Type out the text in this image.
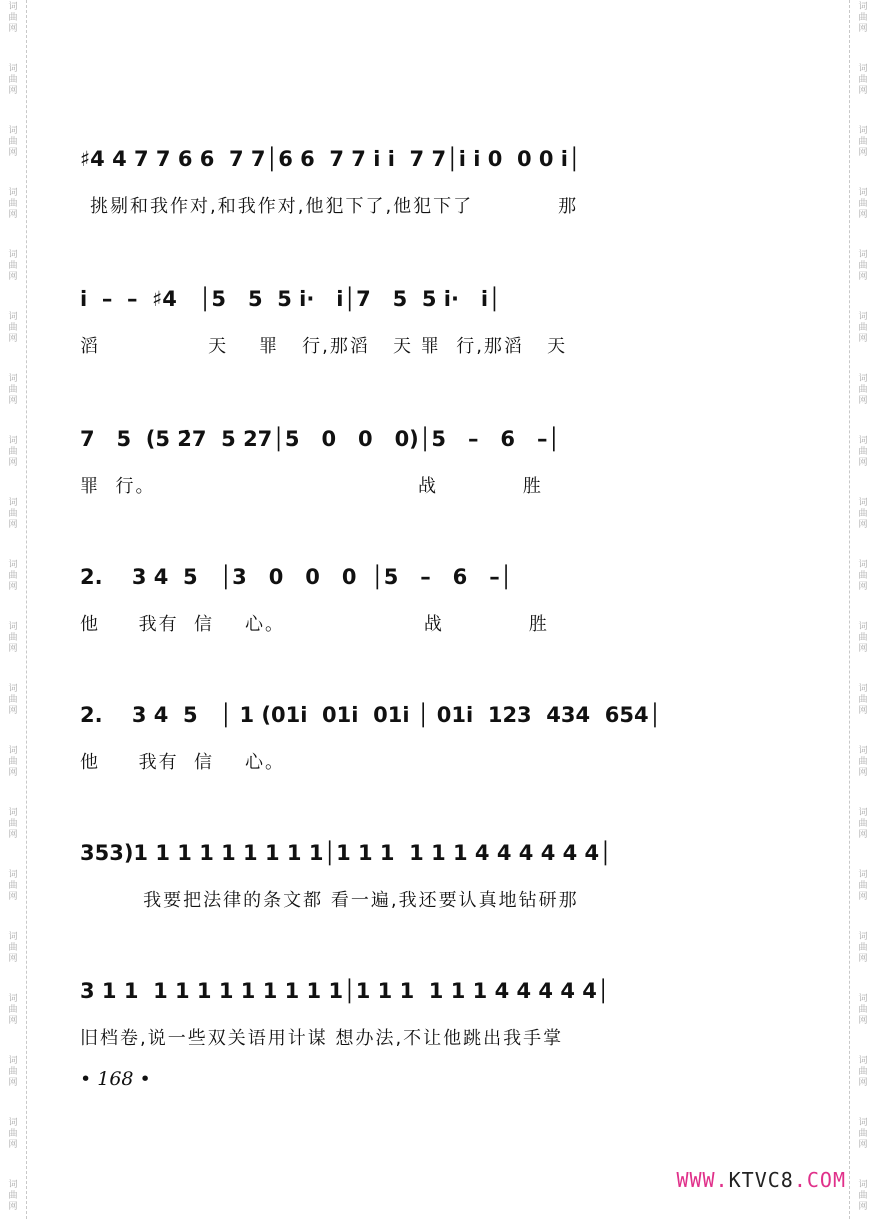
词
曲
网
词
曲
网
词
曲
网
词
曲
网
词
曲
网
词
曲
网
词
曲
网
词
曲
网
词
曲
网
词
曲
网
词
曲
网
词
曲
网
词
曲
网
词
曲
网
词
曲
网
词
曲
网
词
曲
网
词
曲
网
词
曲
网
词
曲
网
词
曲
网
词
曲
网
词
曲
网
词
曲
网
词
曲
网
词
曲
网
词
曲
网
词
曲
网
词
曲
网
词
曲
网
词
曲
网
词
曲
网
词
曲
网
词
曲
网
词
曲
网
词
曲
网
词
曲
网
词
曲
网
词
曲
网
词
曲
网
♯4 4 7 7 6 6  7 7│6 6  7 7 i̇ i̇  7 7│i̇ i̇ 0  0 0 i̇│
挑剔和我作对,和我作对,他犯下了,他犯下了           那
i̇  –  –  ♯4   │5   5  5 i̇·   i̇│7   5  5 i̇·   i̇│
滔              天    罪   行,那滔   天 罪  行,那滔   天
7   5  (5 2̇7  5 27│5   0   0   0)│5   –   6   –│
罪  行。                                  战           胜
2.    3 4  5   │3   0   0   0  │5   –   6   –│
他     我有  信    心。                  战           胜
2.    3 4  5   │ 1 (01i̇  01i̇  01i̇ │ 01i̇  123  434  654│
他     我有  信    心。
353)1 1 1 1 1 1 1 1 1│1 1 1  1 1 1 4 4 4 4 4 4│
我要把法律的条文都 看一遍,我还要认真地钻研那
3 1 1  1 1 1 1 1 1 1 1 1│1 1 1  1 1 1 4 4 4 4 4│
旧档卷,说一些双关语用计谋 想办法,不让他跳出我手掌
• 168 •
WWW.KTVC8.COM
